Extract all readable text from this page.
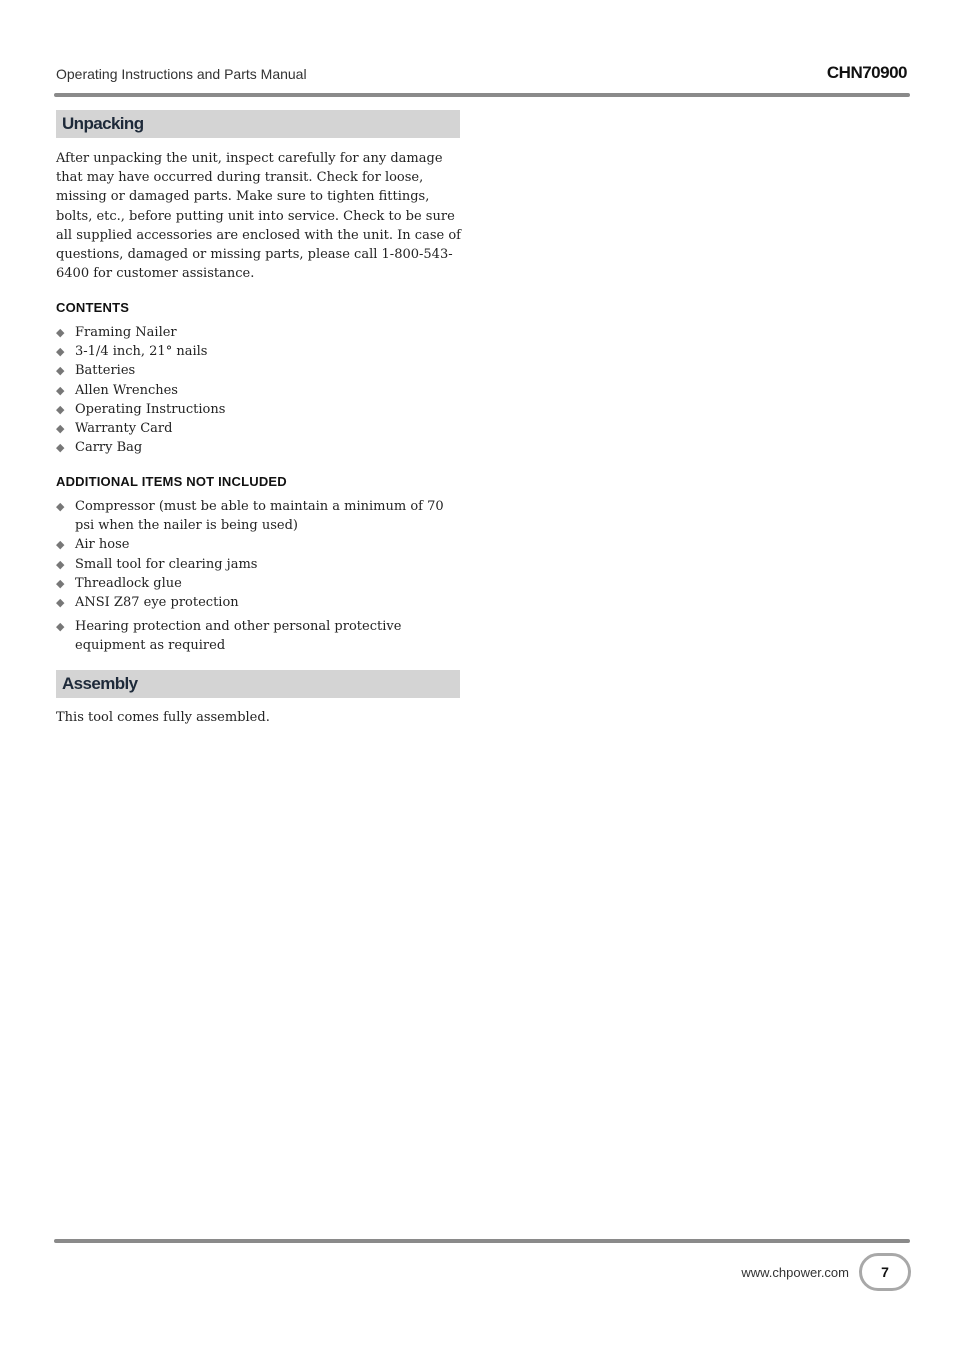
Operating Instructions and Parts Manual	CHN70900
Unpacking
After unpacking the unit, inspect carefully for any damage that may have occurred during transit. Check for loose, missing or damaged parts. Make sure to tighten fittings, bolts, etc., before putting unit into service. Check to be sure all supplied accessories are enclosed with the unit. In case of questions, damaged or missing parts, please call 1-800-543-6400 for customer assistance.
CONTENTS
◆ Framing Nailer
◆ 3-1/4 inch, 21° nails
◆ Batteries
◆ Allen Wrenches
◆ Operating Instructions
◆ Warranty Card
◆ Carry Bag
ADDITIONAL ITEMS NOT INCLUDED
◆ Compressor (must be able to maintain a minimum of 70 psi when the nailer is being used)
◆ Air hose
◆ Small tool for clearing jams
◆ Threadlock glue
◆ ANSI Z87 eye protection
◆ Hearing protection and other personal protective equipment as required
Assembly
This tool comes fully assembled.
www.chpower.com	7
